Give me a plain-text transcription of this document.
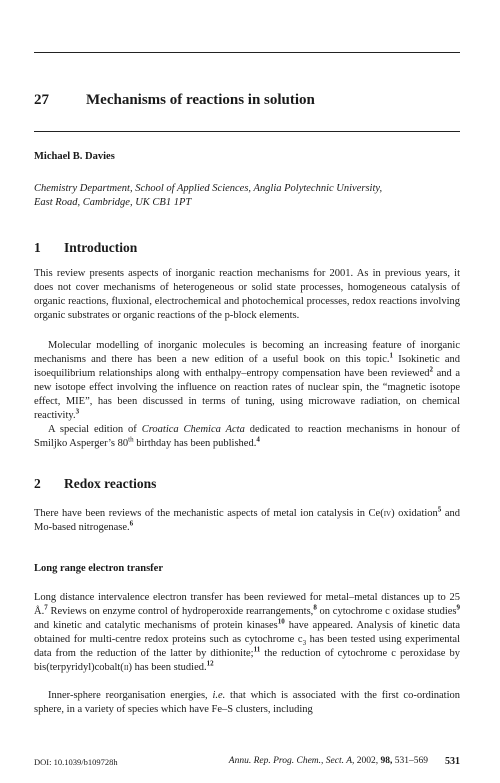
27 Mechanisms of reactions in solution
Michael B. Davies
Chemistry Department, School of Applied Sciences, Anglia Polytechnic University,
East Road, Cambridge, UK CB1 1PT
1 Introduction

This review presents aspects of inorganic reaction mechanisms for 2001. As in previous years, it does not cover mechanisms of heterogeneous or solid state processes, homogeneous catalysis of organic reactions, fluxional, electrochemical and photochemical processes, redox reactions involving organic substrates or organic reactions of the p-block elements.

Molecular modelling of inorganic molecules is becoming an increasing feature of inorganic mechanisms and there has been a new edition of a useful book on this topic.$^1$ Isokinetic and isoequilibrium relationships along with enthalpy–entropy compensation have been reviewed$^2$ and a new isotope effect involving the influence on reaction rates of nuclear spin, the “magnetic isotope effect, MIE”, has been discussed in terms of tuning, using microwave radiation, on chemical reactivity.$^3$

A special edition of Croatica Chemica Acta dedicated to reaction mechanisms in honour of Smiljko Asperger’s 80th birthday has been published.$^4$

2 Redox reactions

There have been reviews of the mechanistic aspects of metal ion catalysis in Ce(iv) oxidation$^5$ and Mo-based nitrogenase.$^6$

Long range electron transfer

Long distance intervalence electron transfer has been reviewed for metal–metal distances up to 25 Å.$^7$ Reviews on enzyme control of hydroperoxide rearrangements,$^8$ on cytochrome c oxidase studies$^9$ and kinetic and catalytic mechanisms of protein kinases$^{10}$ have appeared. Analysis of kinetic data obtained for multi-centre redox proteins such as cytochrome $c_3$ has been tested using experimental data from the reduction of the latter by dithionite;$^{11}$ the reduction of cytochrome c peroxidase by bis(terpyridyl)cobalt(ii) has been studied.$^{12}$

Inner-sphere reorganisation energies, i.e. that which is associated with the first co-ordination sphere, in a variety of species which have Fe–S clusters, including

DOI: 10.1039/b109728h	Annu. Rep. Prog. Chem., Sect. A, 2002, 98, 531–569 531
